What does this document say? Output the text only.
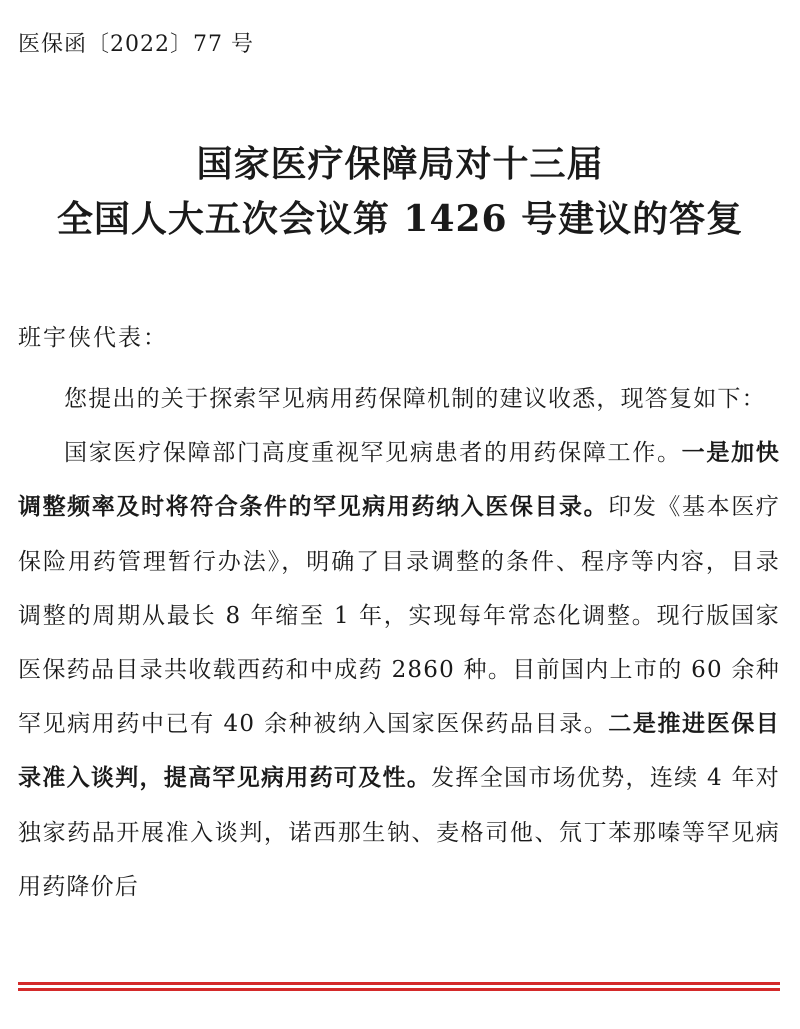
医保函〔2022〕77 号
国家医疗保障局对十三届
全国人大五次会议第 1426 号建议的答复
班宇侠代表：

您提出的关于探索罕见病用药保障机制的建议收悉，现答复如下：

国家医疗保障部门高度重视罕见病患者的用药保障工作。一是加快调整频率及时将符合条件的罕见病用药纳入医保目录。印发《基本医疗保险用药管理暂行办法》，明确了目录调整的条件、程序等内容，目录调整的周期从最长 8 年缩至 1 年，实现每年常态化调整。现行版国家医保药品目录共收载西药和中成药 2860 种。目前国内上市的 60 余种罕见病用药中已有 40 余种被纳入国家医保药品目录。二是推进医保目录准入谈判，提高罕见病用药可及性。发挥全国市场优势，连续 4 年对独家药品开展准入谈判，诺西那生钠、麦格司他、氘丁苯那嗪等罕见病用药降价后
